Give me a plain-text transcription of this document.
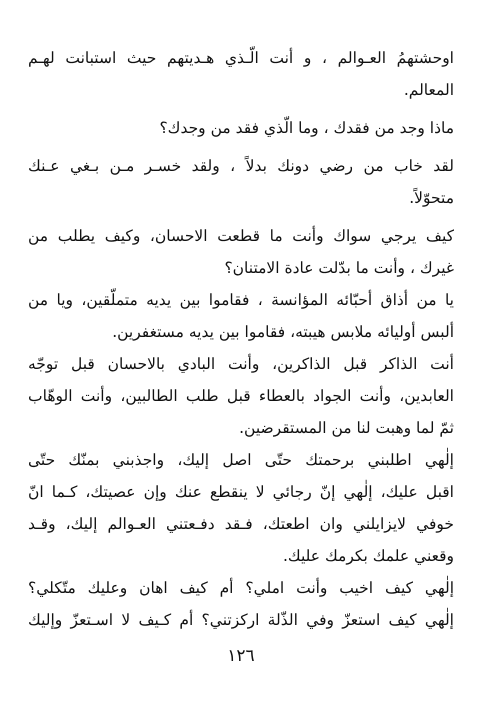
اوحشتهمُ العـوالم ، و أنت الّـذي هـديتهم حيث استبانت لهـم
المعالم.
ماذا وجد من فقدك ، وما الّذي فقد من وجدك؟
لقد خاب من رضي دونك بدلاً ، ولقد خسـر مـن بـغي عـنك
متحوّلاً.
كيف يرجي سواك وأنت ما قطعت الاحسان، وكيف يطلب من
غيرك ، وأنت ما بدّلت عادة الامتنان؟
يا من أذاق أحبّائه المؤانسة ، فقاموا بين يديه متملّقين، ويا من
ألبس أوليائه ملابس هيبته، فقاموا بين يديه مستغفرين.
أنت الذاكر قبل الذاكرين، وأنت البادي بالاحسان قبل توجّه
العابدين، وأنت الجواد بالعطاء قبل طلب الطالبين، وأنت الوهّاب
ثمّ لما وهبت لنا من المستقرضين.
إلٰهي اطلبني برحمتك حتّى اصل إليك، واجذبني بمنّك حتّى
اقبل عليك، إلٰهي إنّ رجائي لا ينقطع عنك وإن عصيتك، كـما انّ
خوفي لايزايلني وان اطعتك، فـقد دفـعتني العـوالم إليك، وقـد
وقعني علمك بكرمك عليك.
إلٰهي كيف اخيب وأنت املي؟ أم كيف اهان وعليك متّكلي؟
إلٰهي كيف استعزّ وفي الذّلة اركزتني؟ أم كـيف لا اسـتعزّ وإليك
١٢٦
